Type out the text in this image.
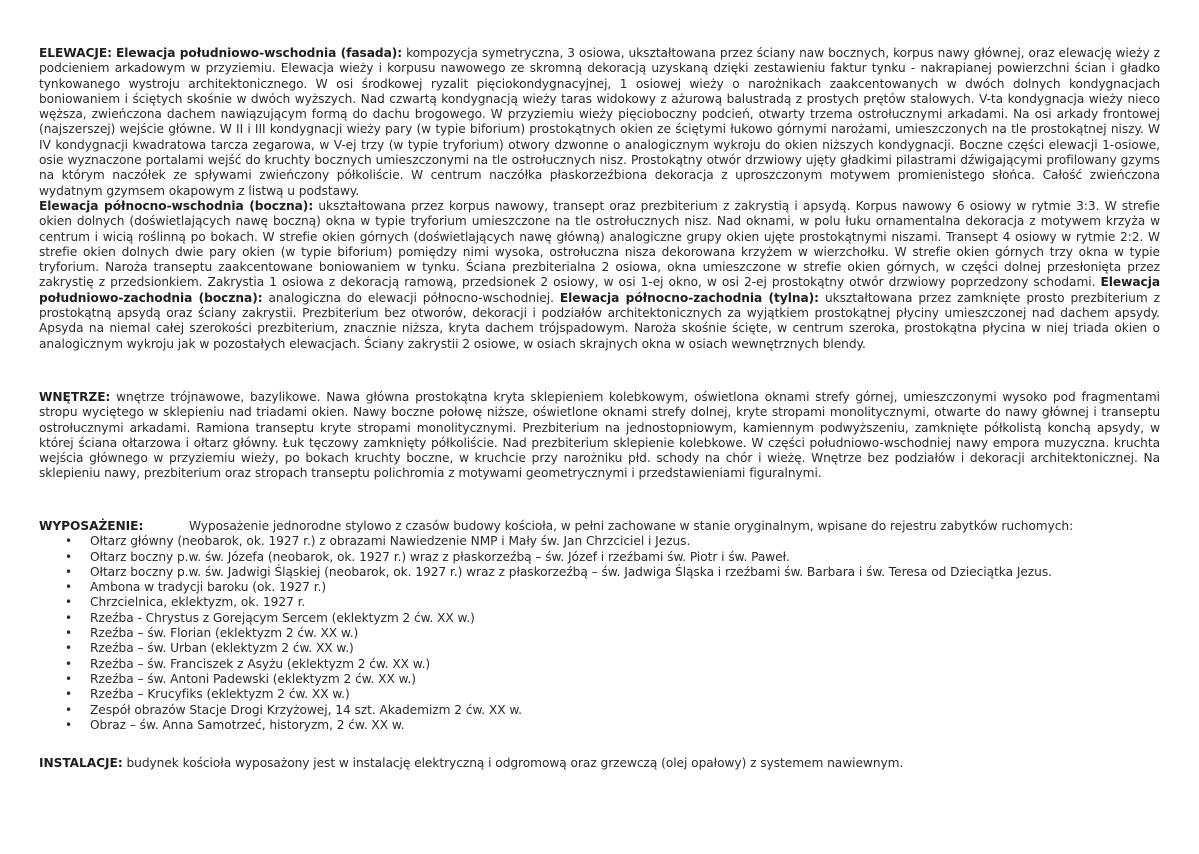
ELEWACJE: Elewacja południowo-wschodnia (fasada): kompozycja symetryczna, 3 osiowa, ukształtowana przez ściany naw bocznych, korpus nawy głównej, oraz elewację wieży z podcieniem arkadowym w przyziemiu. Elewacja wieży i korpusu nawowego ze skromną dekoracją uzyskaną dzięki zestawieniu faktur tynku - nakrapianej powierzchni ścian i gładko tynkowanego wystroju architektonicznego. W osi środkowej ryzalit pięciokondygnacyjnej, 1 osiowej wieży o narożnikach zaakcentowanych w dwóch dolnych kondygnacjach boniowaniem i ściętych skośnie w dwóch wyższych. Nad czwartą kondygnacją wieży taras widokowy z ażurową balustradą z prostych prętów stalowych. V-ta kondygnacja wieży nieco węższa, zwieńczona dachem nawiązującym formą do dachu brogowego. W przyziemiu wieży pięcioboczny podcień, otwarty trzema ostrołucznymi arkadami. Na osi arkady frontowej (najszerszej) wejście główne. W II i III kondygnacji wieży pary (w typie biforium) prostokątnych okien ze ściętymi łukowo górnymi narożami, umieszczonych na tle prostokątnej niszy. W IV kondygnacji kwadratowa tarcza zegarowa, w V-ej trzy (w typie tryforium) otwory dzwonne o analogicznym wykroju do okien niższych kondygnacji. Boczne części elewacji 1-osiowe, osie wyznaczone portalami wejść do kruchty bocznych umieszczonymi na tle ostrołucznych nisz. Prostokątny otwór drzwiowy ujęty gładkimi pilastrami dźwigającymi profilowany gzyms na którym naczółek ze spływami zwieńczony półkoliście. W centrum naczółka płaskorzeźbiona dekoracja z uproszczonym motywem promienistego słońca. Całość zwieńczona wydatnym gzymsem okapowym z listwą u podstawy.
Elewacja północno-wschodnia (boczna): ukształtowana przez korpus nawowy, transept oraz prezbiterium z zakrystią i apsydą. Korpus nawowy 6 osiowy w rytmie 3:3. W strefie okien dolnych (doświetlających nawę boczną) okna w typie tryforium umieszczone na tle ostrołucznych nisz. Nad oknami, w polu łuku ornamentalna dekoracja z motywem krzyża w centrum i wicią roślinną po bokach. W strefie okien górnych (doświetlających nawę główną) analogiczne grupy okien ujęte prostokątnymi niszami. Transept 4 osiowy w rytmie 2:2. W strefie okien dolnych dwie pary okien (w typie biforium) pomiędzy nimi wysoka, ostrołuczna nisza dekorowana krzyżem w wierzchołku. W strefie okien górnych trzy okna w typie tryforium. Naroża transeptu zaakcentowane boniowaniem w tynku. Ściana prezbiterialna 2 osiowa, okna umieszczone w strefie okien górnych, w części dolnej przesłonięta przez zakrystię z przedsionkiem. Zakrystia 1 osiowa z dekoracją ramową, przedsionek 2 osiowy, w osi 1-ej okno, w osi 2-ej prostokątny otwór drzwiowy poprzedzony schodami. Elewacja południowo-zachodnia (boczna): analogiczna do elewacji północno-wschodniej. Elewacja północno-zachodnia (tylna): ukształtowana przez zamknięte prosto prezbiterium z prostokątną apsydą oraz ściany zakrystii. Prezbiterium bez otworów, dekoracji i podziałów architektonicznych za wyjątkiem prostokątnej płyciny umieszczonej nad dachem apsydy. Apsyda na niemal całej szerokości prezbiterium, znacznie niższa, kryta dachem trójspadowym. Naroża skośnie ścięte, w centrum szeroka, prostokątna płycina w niej triada okien o analogicznym wykroju jak w pozostałych elewacjach. Ściany zakrystii 2 osiowe, w osiach skrajnych okna w osiach wewnętrznych blendy.
WNĘTRZE: wnętrze trójnawowe, bazylikowe. Nawa główna prostokątna kryta sklepieniem kolebkowym, oświetlona oknami strefy górnej, umieszczonymi wysoko pod fragmentami stropu wyciętego w sklepieniu nad triadami okien. Nawy boczne połowę niższe, oświetlone oknami strefy dolnej, kryte stropami monolitycznymi, otwarte do nawy głównej i transeptu ostrołucznymi arkadami. Ramiona transeptu kryte stropami monolitycznymi. Prezbiterium na jednostopniowym, kamiennym podwyższeniu, zamknięte półkolistą konchą apsydy, w której ściana ołtarzowa i ołtarz główny. Łuk tęczowy zamknięty półkoliście. Nad prezbiterium sklepienie kolebkowe. W części południowo-wschodniej nawy empora muzyczna. kruchta wejścia głównego w przyziemiu wieży, po bokach kruchty boczne, w kruchcie przy narożniku płd. schody na chór i wieżę. Wnętrze bez podziałów i dekoracji architektonicznej. Na sklepieniu nawy, prezbiterium oraz stropach transeptu polichromia z motywami geometrycznymi i przedstawieniami figuralnymi.
WYPOSAŻENIE:	Wyposażenie jednorodne stylowo z czasów budowy kościoła, w pełni zachowane w stanie oryginalnym, wpisane do rejestru zabytków ruchomych:
• Ołtarz główny (neobarok, ok. 1927 r.) z obrazami Nawiedzenie NMP i Mały św. Jan Chrzciciel i Jezus.
• Ołtarz boczny p.w. św. Józefa (neobarok, ok. 1927 r.) wraz z płaskorzeźbą – św. Józef i rzeźbami św. Piotr i św. Paweł.
• Ołtarz boczny p.w. św. Jadwigi Śląskiej (neobarok, ok. 1927 r.) wraz z płaskorzeźbą – św. Jadwiga Śląska i rzeźbami św. Barbara i św. Teresa od Dzieciątka Jezus.
• Ambona w tradycji baroku (ok. 1927 r.)
• Chrzcielnica, eklektyzm, ok. 1927 r.
• Rzeźba - Chrystus z Gorejącym Sercem (eklektyzm 2 ćw. XX w.)
• Rzeźba – św. Florian (eklektyzm 2 ćw. XX w.)
• Rzeźba – św. Urban (eklektyzm 2 ćw. XX w.)
• Rzeźba – św. Franciszek z Asyżu (eklektyzm 2 ćw. XX w.)
• Rzeźba – św. Antoni Padewski (eklektyzm 2 ćw. XX w.)
• Rzeźba – Krucyfiks (eklektyzm 2 ćw. XX w.)
• Zespół obrazów Stacje Drogi Krzyżowej, 14 szt. Akademizm 2 ćw. XX w.
• Obraz – św. Anna Samotrzeć, historyzm, 2 ćw. XX w.
INSTALACJE: budynek kościoła wyposażony jest w instalację elektryczną i odgromową oraz grzewczą (olej opałowy) z systemem nawiewnym.
